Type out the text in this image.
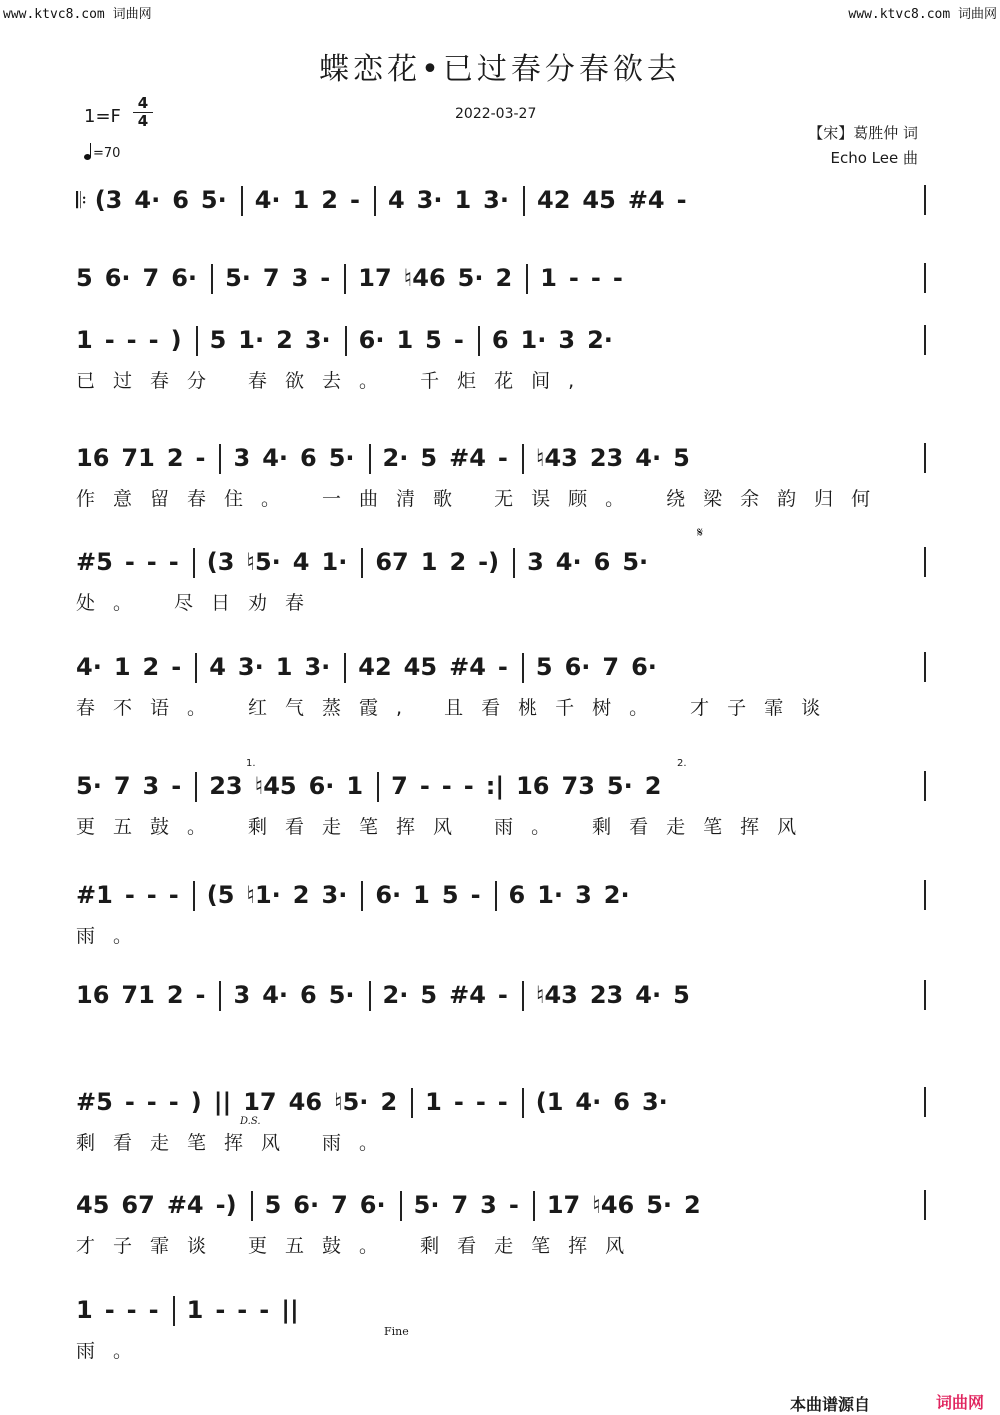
www.ktvc8.com 词曲网	www.ktvc8.com 词曲网
蝶恋花•已过春分春欲去
$1=F \frac{4}{4}$
=70
2022-03-27
【宋】葛胜仲 词
Echo Lee 曲
𝄋
1.	2.
D.S.
Fine
𝄆 (3 4· 6 5· 4· 1 2 - 4 3· 1 3· 42 45 #4 -
5 6· 7 6· 5· 7 3 - 17 ♮46 5· 2 1 - - -
1 - - - ) 5 1· 2 3· 6· 1 5 - 6 1· 3 2·
已过春分 春欲去。 千炬花间,
16 71 2 - 3 4· 6 5· 2· 5 #4 - ♮43 23 4· 5
作意留春住。 一曲清歌 无误顾。 绕梁余韵归何
#5 - - - (3 ♮5· 4 1· 67 1 2 -) 3 4· 6 5·
处。 尽日劝春
4· 1 2 - 4 3· 1 3· 42 45 #4 - 5 6· 7 6·
春不语。 红气蒸霞, 且看桃千树。 才子霏谈
5· 7 3 - 23 ♮45 6· 1 7 - - - :| 16 73 5· 2
更五鼓。 剩看走笔挥风 雨。 剩看走笔挥风
#1 - - - (5 ♮1· 2 3· 6· 1 5 - 6 1· 3 2·
雨。
16 71 2 - 3 4· 6 5· 2· 5 #4 - ♮43 23 4· 5
#5 - - - ) || 17 46 ♮5· 2 1 - - - (1 4· 6 3·
剩看走笔挥风 雨。
45 67 #4 -) 5 6· 7 6· 5· 7 3 - 17 ♮46 5· 2
才子霏谈 更五鼓。 剩看走笔挥风
1 - - - 1 - - - ||
雨。
本曲谱源自	词曲网
